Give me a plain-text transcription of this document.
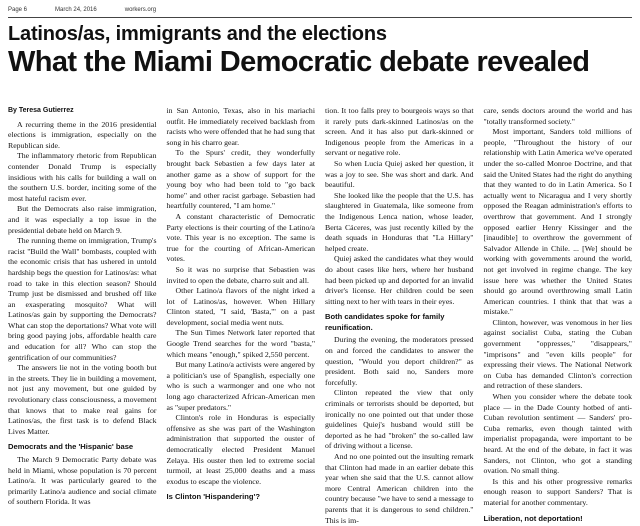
Page 6	March 24, 2016	workers.org
Latinos/as, immigrants and the elections
What the Miami Democratic debate revealed
By Teresa Gutierrez

A recurring theme in the 2016 presidential elections is immigration, especially on the Republican side.

The inflammatory rhetoric from Republican contender Donald Trump is especially insidious with his calls for building a wall on the southern U.S. border, inciting some of the most hateful racism ever.

But the Democrats also raise immigration, and it was especially a top issue in the presidential debate held on March 9.

The running theme on immigration, Trump's racist "Build the Wall" bombasts, coupled with the economic crisis that has ushered in untold hardship begs the question for Latinos/as: what road to take in this election season? Should Trump just be dismissed and brushed off like an exasperating mosquito? What will Latinos/as gain by supporting the Democrats? What can stop the deportations? What vote will bring good paying jobs, affordable health care and education for all? Who can stop the gentrification of our communities?

The answers lie not in the voting booth but in the streets. They lie in building a movement, not just any movement, but one guided by revolutionary class consciousness, a movement that knows that to make real gains for Latinos/as, the first task is to defend Black Lives Matter.

Democrats and the 'Hispanic' base

The March 9 Democratic Party debate was held in Miami, whose population is 70 percent Latino/a. It was particularly geared to the primarily Latino/a audience and social climate of southern Florida. It was

in San Antonio, Texas, also in his mariachi outfit. He immediately received backlash from racists who were offended that he had sung that song in his charro gear.

To the Spurs' credit, they wonderfully brought back Sebastien a few days later at another game as a show of support for the young boy who had been told to "go back home" and other racist garbage. Sebastien had heartfully countered, "I am home."

A constant characteristic of Democratic Party elections is their courting of the Latino/a vote. This year is no exception. The same is true for the courting of African-American votes.

So it was no surprise that Sebastien was invited to open the debate, charro suit and all.

Other Latino/a flavors of the night irked a lot of Latinos/as, however. When Hillary Clinton stated, "I said, 'Basta,'" on a past development, social media went nuts.

The Sun Times Network later reported that Google Trend searches for the word "basta," which means "enough," spiked 2,550 percent.

But many Latino/a activists were angered by a politician's use of Spanglish, especially one who is such a warmonger and one who not long ago characterized African-American men as "super predators."

Clinton's role in Honduras is especially offensive as she was part of the Washington administration that supported the ouster of democratically elected President Manuel Zelaya. His ouster then led to extreme social turmoil, at least 25,000 deaths and a mass exodus to escape the violence.

Is Clinton 'Hispandering'?

tion. It too falls prey to bourgeois ways so that it rarely puts dark-skinned Latinos/as on the screen. And it has also put dark-skinned or Indigenous people from the Americas in a servant or negative role.

So when Lucia Quiej asked her question, it was a joy to see. She was short and dark. And beautiful.

She looked like the people that the U.S. has slaughtered in Guatemala, like someone from the Indigenous Lenca nation, whose leader, Berta Cáceres, was just recently killed by the death squads in Honduras that "La Hillary" helped create.

Quiej asked the candidates what they would do about cases like hers, where her husband had been picked up and deported for an invalid driver's license. Her children could be seen sitting next to her with tears in their eyes.

Both candidates spoke for family reunification.

During the evening, the moderators pressed on and forced the candidates to answer the question, "Would you deport children?" as president. Both said no, Sanders more forcefully.

Clinton repeated the view that only criminals or terrorists should be deported, but ironically no one pointed out that under those guidelines Quiej's husband would still be deported as he had "broken" the so-called law of driving without a license.

And no one pointed out the insulting remark that Clinton had made in an earlier debate this year when she said that the U.S. cannot allow more Central American children into the country because "we have to send a message to parents that it is dangerous to send children." This is im-

care, sends doctors around the world and has "totally transformed society."

Most important, Sanders told millions of people, "Throughout the history of our relationship with Latin America we've operated under the so-called Monroe Doctrine, and that said the United States had the right do anything that they wanted to do in Latin America. So I actually went to Nicaragua and I very shortly opposed the Reagan administration's efforts to overthrow that government. And I strongly opposed earlier Henry Kissinger and the [inaudible] to overthrow the government of Salvador Allende in Chile. ... [We] should be working with governments around the world, not get involved in regime change. The key issue here was whether the United States should go around overthrowing small Latin American countries. I think that that was a mistake."

Clinton, however, was venomous in her lies against socialist Cuba, stating the Cuban government "oppresses," "disappears," "imprisons" and "even kills people" for expressing their views. The National Network on Cuba has demanded Clinton's correction and retraction of these slanders.

When you consider where the debate took place — in the Dade County hotbed of anti-Cuban revolution sentiment — Sanders' pro-Cuba remarks, even though tainted with imperialist propaganda, were important to be heard. At the end of the debate, in fact it was Sanders, not Clinton, who got a standing ovation. No small thing.

Is this and his other progressive remarks enough reason to support Sanders? That is material for another commentary.

Liberation, not deportation!
